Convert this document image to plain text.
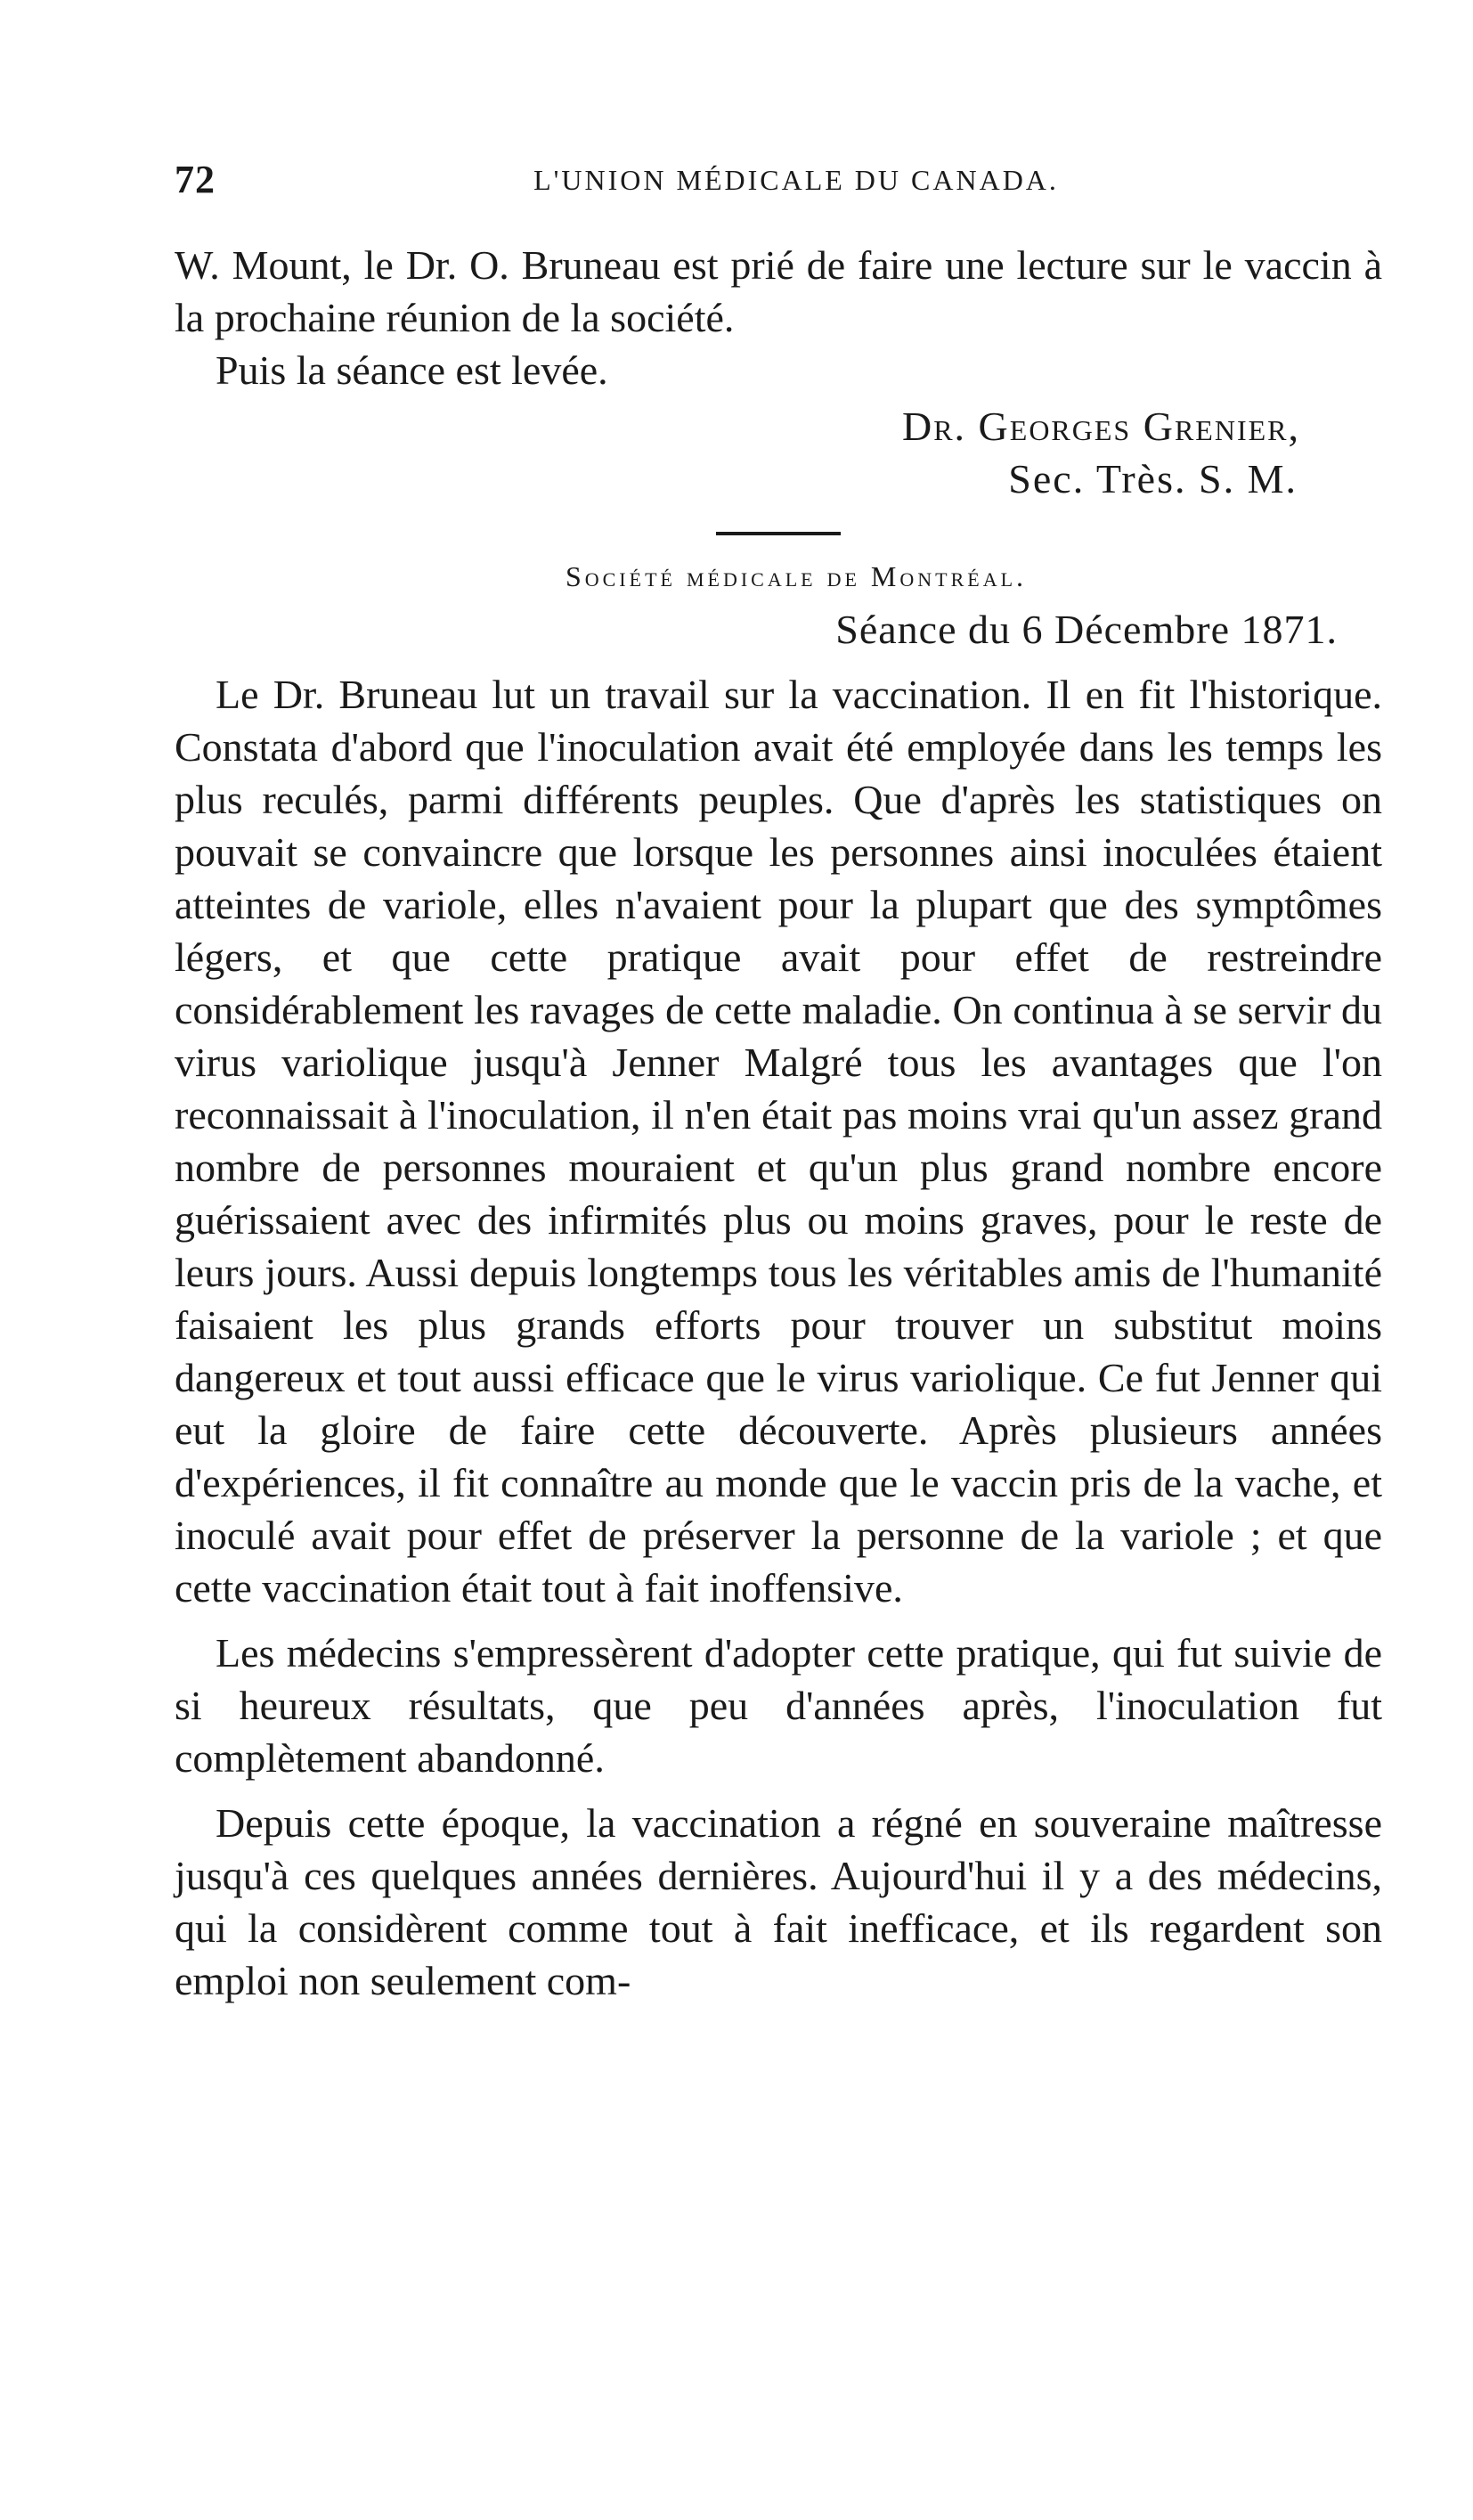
72	L'UNION MÉDICALE DU CANADA.

W. Mount, le Dr. O. Bruneau est prié de faire une lecture sur le vaccin à la prochaine réunion de la société.

Puis la séance est levée.

Dr. Georges Grenier,

Sec. Très. S. M.

Société médicale de Montréal.

Séance du 6 Décembre 1871.

Le Dr. Bruneau lut un travail sur la vaccination. Il en fit l'historique. Constata d'abord que l'inoculation avait été employée dans les temps les plus reculés, parmi différents peuples. Que d'après les statistiques on pouvait se convaincre que lorsque les personnes ainsi inoculées étaient atteintes de variole, elles n'avaient pour la plupart que des symptômes légers, et que cette pratique avait pour effet de restreindre considérablement les ravages de cette maladie. On continua à se servir du virus variolique jusqu'à Jenner Malgré tous les avantages que l'on reconnaissait à l'inoculation, il n'en était pas moins vrai qu'un assez grand nombre de personnes mouraient et qu'un plus grand nombre encore guérissaient avec des infirmités plus ou moins graves, pour le reste de leurs jours. Aussi depuis longtemps tous les véritables amis de l'humanité faisaient les plus grands efforts pour trouver un substitut moins dangereux et tout aussi efficace que le virus variolique. Ce fut Jenner qui eut la gloire de faire cette découverte. Après plusieurs années d'expériences, il fit connaître au monde que le vaccin pris de la vache, et inoculé avait pour effet de préserver la personne de la variole ; et que cette vaccination était tout à fait inoffensive.

Les médecins s'empressèrent d'adopter cette pratique, qui fut suivie de si heureux résultats, que peu d'années après, l'inoculation fut complètement abandonné.

Depuis cette époque, la vaccination a régné en souveraine maîtresse jusqu'à ces quelques années dernières. Aujourd'hui il y a des médecins, qui la considèrent comme tout à fait inefficace, et ils regardent son emploi non seulement com-
